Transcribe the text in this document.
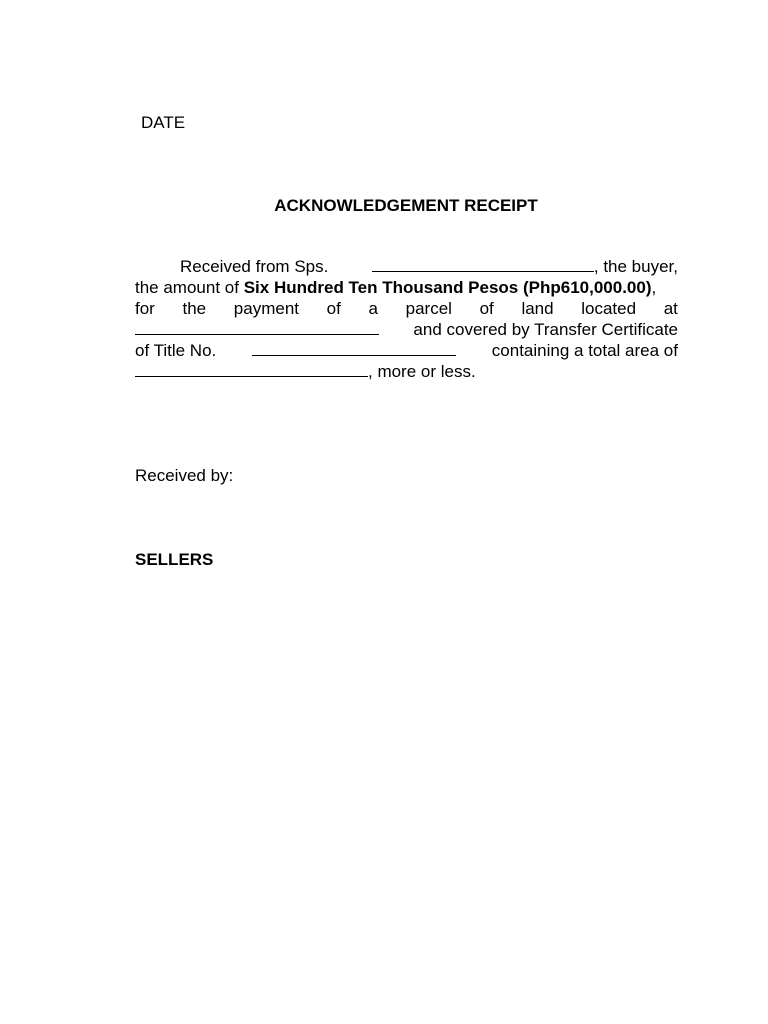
DATE
ACKNOWLEDGEMENT RECEIPT
Received from Sps.	, the buyer,
the amount of Six Hundred Ten Thousand Pesos (Php610,000.00),
for the payment of a parcel of land located at
and covered by Transfer Certificate
of Title No.	containing a total area of
, more or less.
Received by:
SELLERS
